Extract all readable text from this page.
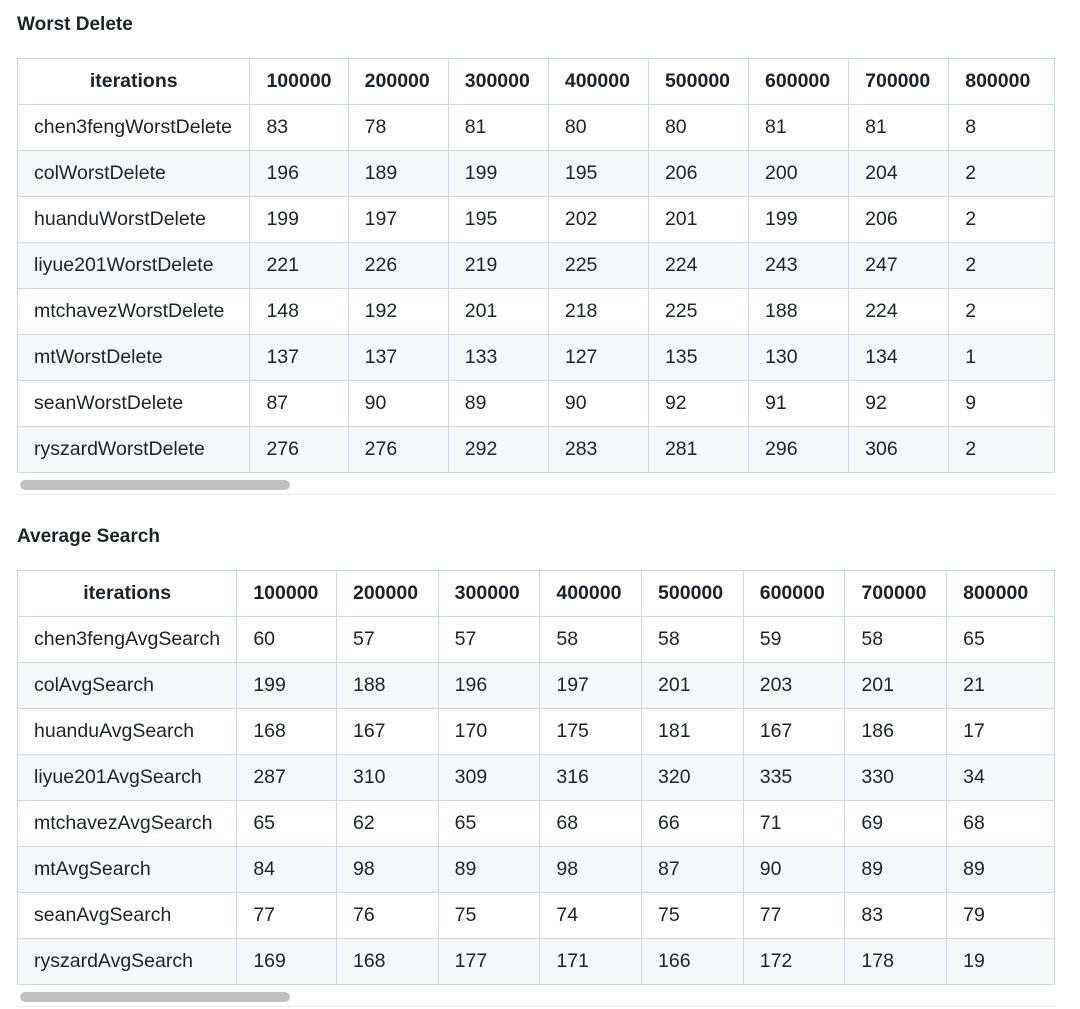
Worst Delete
iterations	100000	200000	300000	400000	500000	600000	700000	800000
chen3fengWorstDelete	83	78	81	80	80	81	81	8
colWorstDelete	196	189	199	195	206	200	204	2
huanduWorstDelete	199	197	195	202	201	199	206	2
liyue201WorstDelete	221	226	219	225	224	243	247	2
mtchavezWorstDelete	148	192	201	218	225	188	224	2
mtWorstDelete	137	137	133	127	135	130	134	1
seanWorstDelete	87	90	89	90	92	91	92	9
ryszardWorstDelete	276	276	292	283	281	296	306	2
Average Search
iterations	100000	200000	300000	400000	500000	600000	700000	800000
chen3fengAvgSearch	60	57	57	58	58	59	58	65
colAvgSearch	199	188	196	197	201	203	201	21
huanduAvgSearch	168	167	170	175	181	167	186	17
liyue201AvgSearch	287	310	309	316	320	335	330	34
mtchavezAvgSearch	65	62	65	68	66	71	69	68
mtAvgSearch	84	98	89	98	87	90	89	89
seanAvgSearch	77	76	75	74	75	77	83	79
ryszardAvgSearch	169	168	177	171	166	172	178	19
